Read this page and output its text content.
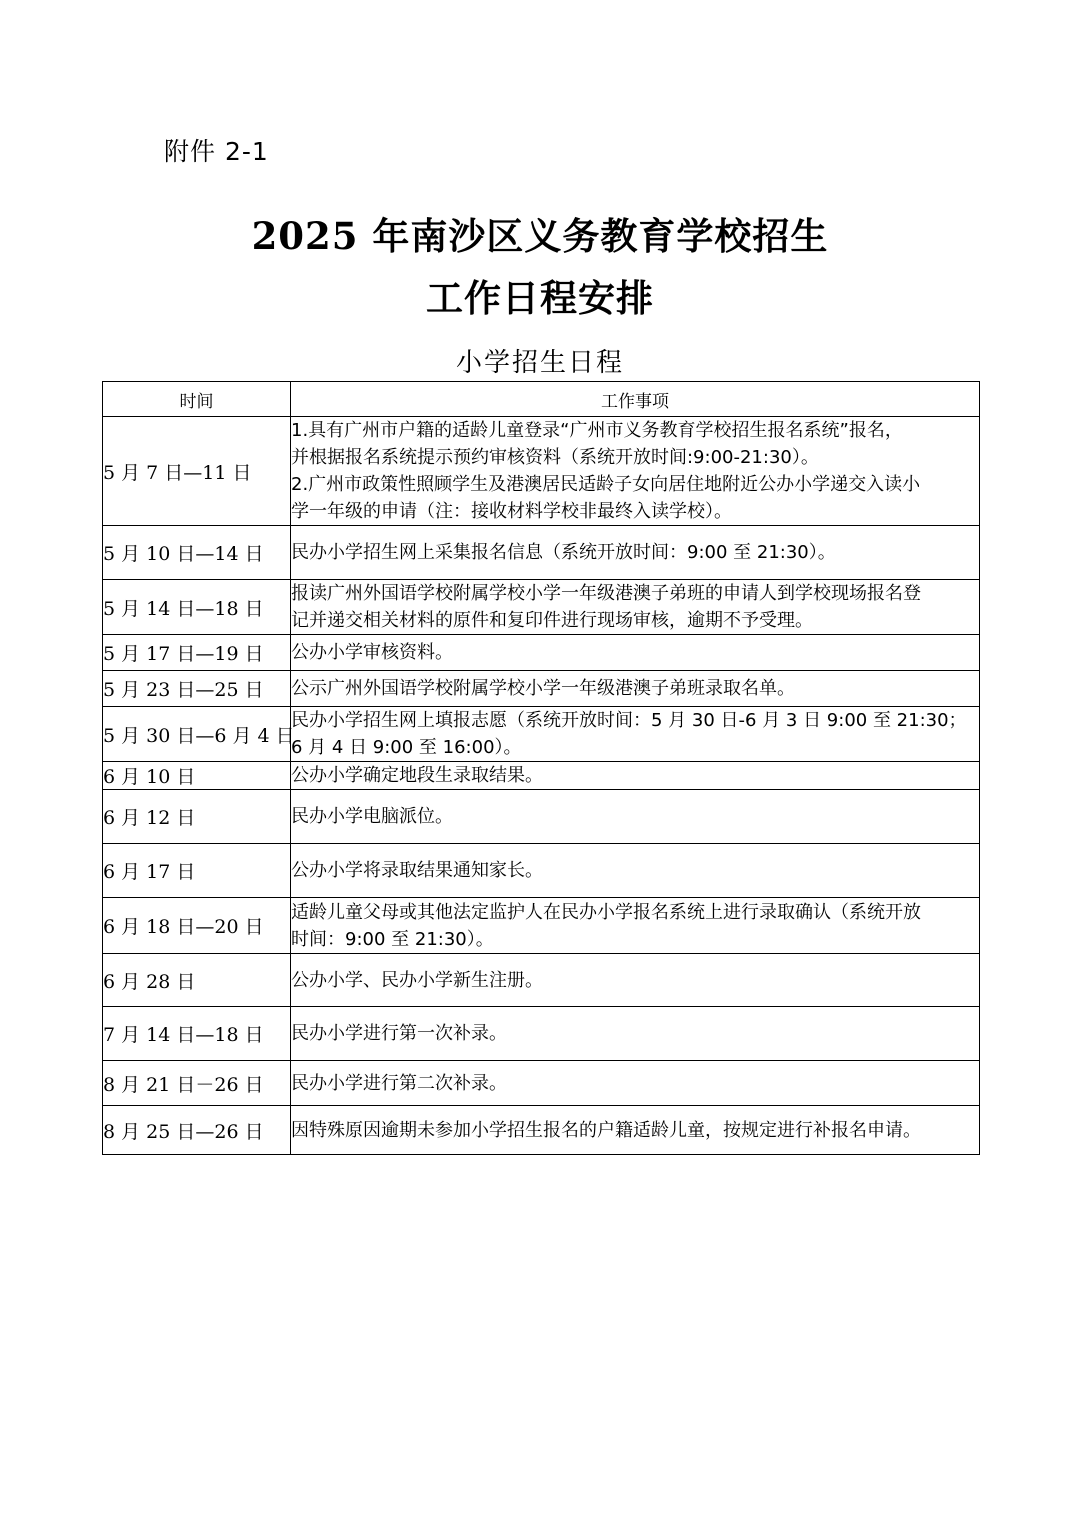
附件 2-1
2025 年南沙区义务教育学校招生
工作日程安排
小学招生日程
时间	工作事项
5 月 7 日—11 日	1.具有广州市户籍的适龄儿童登录“广州市义务教育学校招生报名系统”报名，
并根据报名系统提示预约审核资料（系统开放时间:9:00-21:30）。
2.广州市政策性照顾学生及港澳居民适龄子女向居住地附近公办小学递交入读小
学一年级的申请（注：接收材料学校非最终入读学校）。

5 月 10 日—14 日	民办小学招生网上采集报名信息（系统开放时间：9:00 至 21:30）。

5 月 14 日—18 日	报读广州外国语学校附属学校小学一年级港澳子弟班的申请人到学校现场报名登
记并递交相关材料的原件和复印件进行现场审核，逾期不予受理。

5 月 17 日—19 日	公办小学审核资料。

5 月 23 日—25 日	公示广州外国语学校附属学校小学一年级港澳子弟班录取名单。

5 月 30 日—6 月 4 日	民办小学招生网上填报志愿（系统开放时间：5 月 30 日-6 月 3 日 9:00 至 21:30；
6 月 4 日 9:00 至 16:00）。

6 月 10 日	公办小学确定地段生录取结果。

6 月 12 日	民办小学电脑派位。

6 月 17 日	公办小学将录取结果通知家长。

6 月 18 日—20 日	适龄儿童父母或其他法定监护人在民办小学报名系统上进行录取确认（系统开放
时间：9:00 至 21:30）。

6 月 28 日	公办小学、民办小学新生注册。

7 月 14 日—18 日	民办小学进行第一次补录。

8 月 21 日－26 日	民办小学进行第二次补录。

8 月 25 日—26 日	因特殊原因逾期未参加小学招生报名的户籍适龄儿童，按规定进行补报名申请。
